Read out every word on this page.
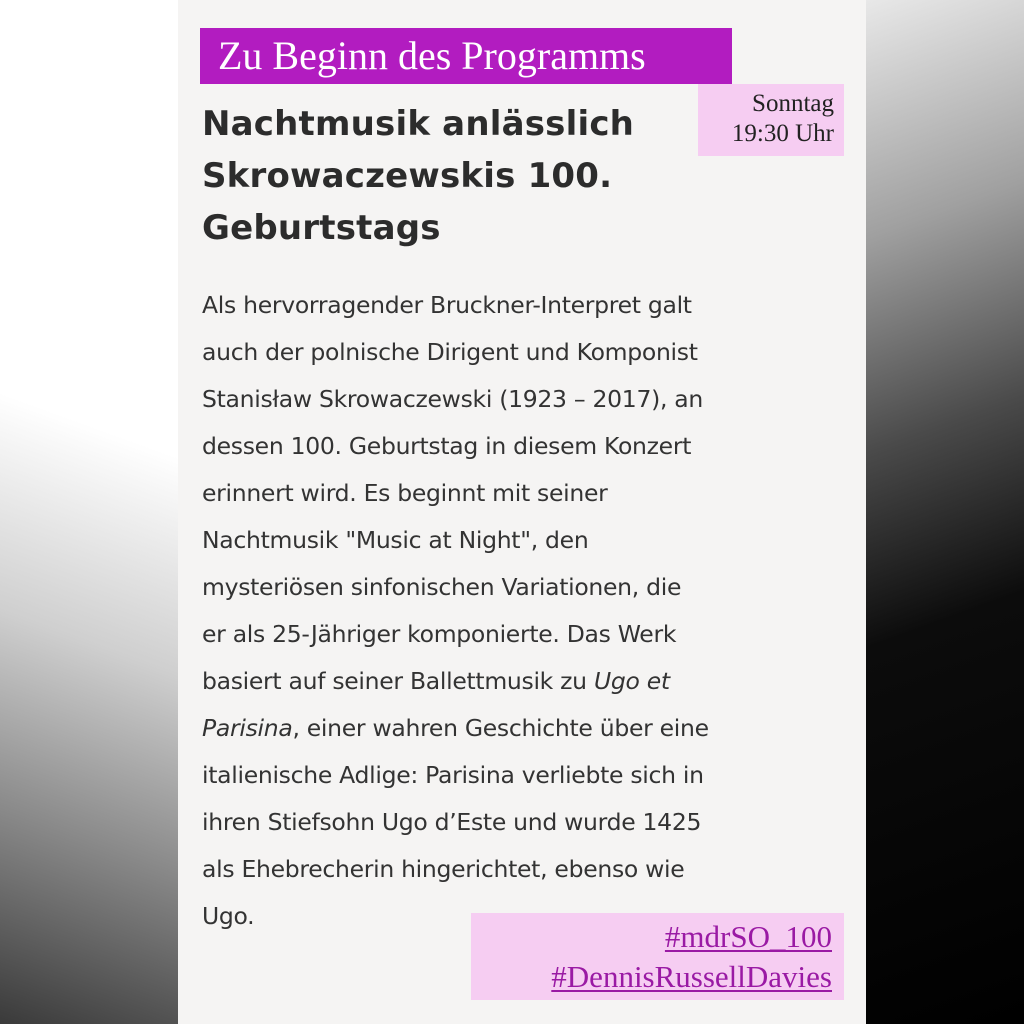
Zu Beginn des Programms
Sonntag
19:30 Uhr
Nachtmusik anlässlich
Skrowaczewskis 100.
Geburtstags
Als hervorragender Bruckner-Interpret galt
auch der polnische Dirigent und Komponist
Stanisław Skrowaczewski (1923 – 2017), an
dessen 100. Geburtstag in diesem Konzert
erinnert wird. Es beginnt mit seiner
Nachtmusik "Music at Night", den
mysteriösen sinfonischen Variationen, die
er als 25-Jähriger komponierte. Das Werk
basiert auf seiner Ballettmusik zu Ugo et
Parisina, einer wahren Geschichte über eine
italienische Adlige: Parisina verliebte sich in
ihren Stiefsohn Ugo d’Este und wurde 1425
als Ehebrecherin hingerichtet, ebenso wie
Ugo.
#mdrSO_100
#DennisRussellDavies
